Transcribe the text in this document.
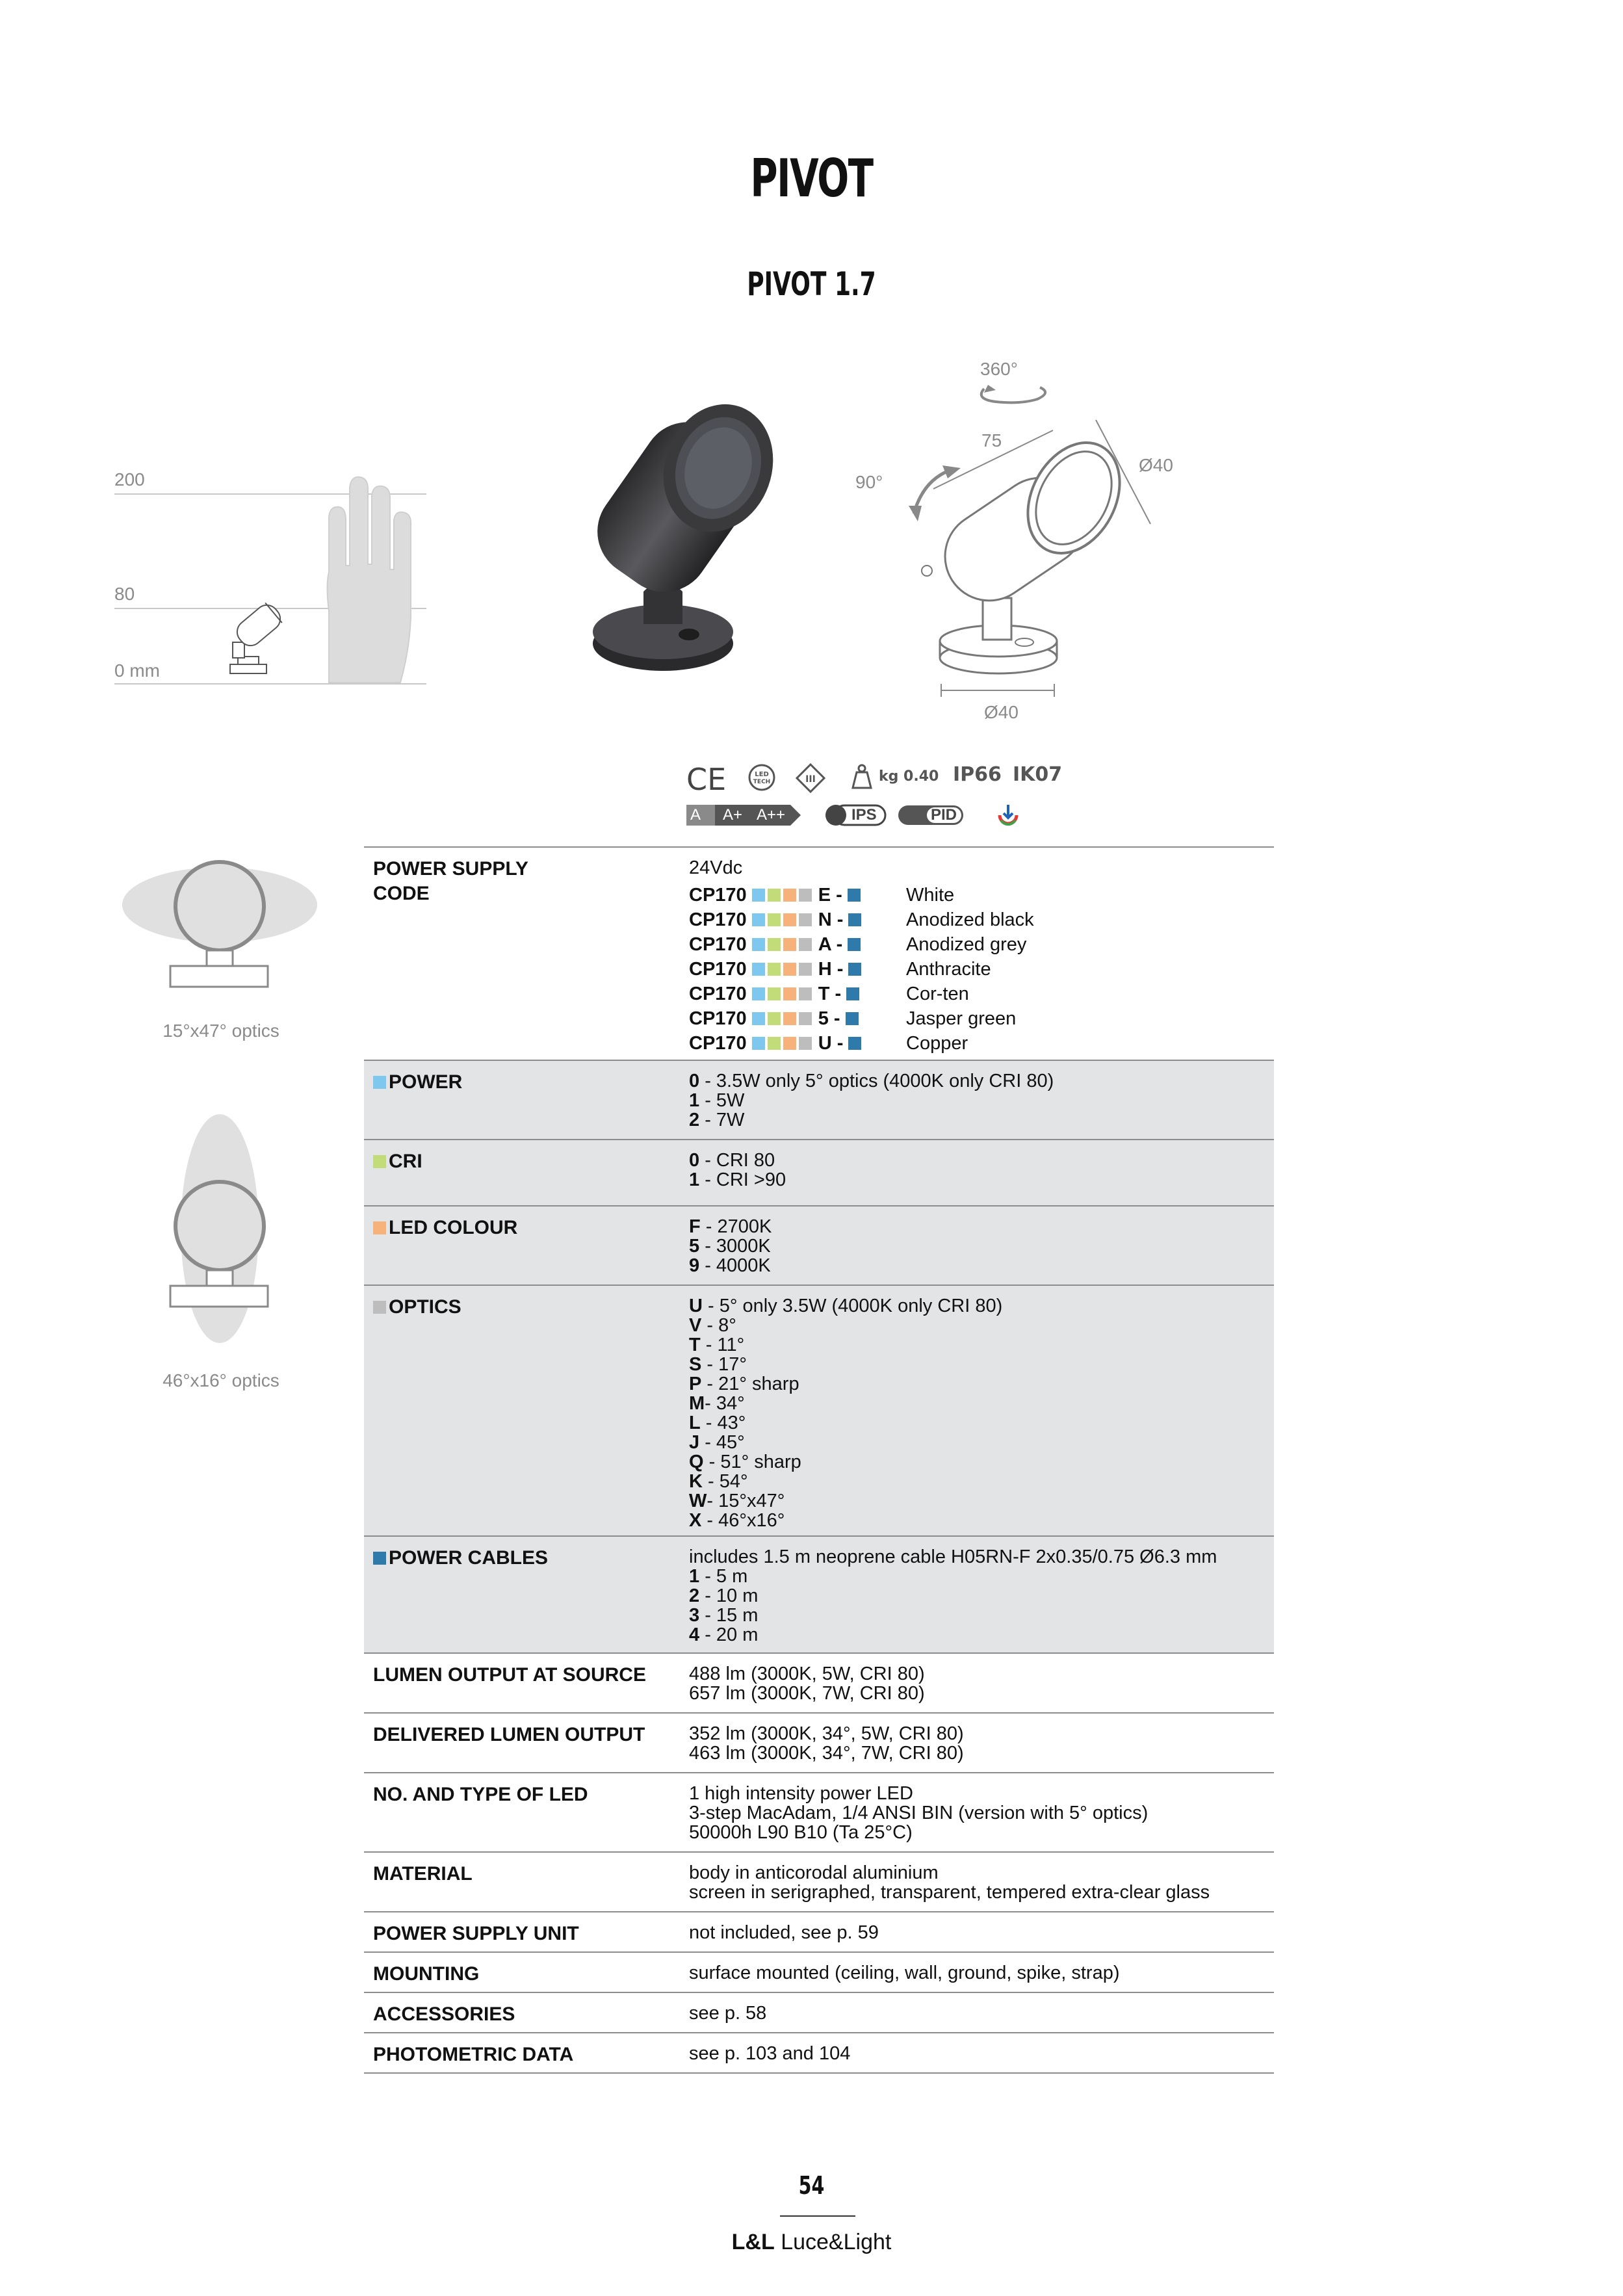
PIVOT
PIVOT 1.7
200
80
0 mm
360°
90°
75
Ø40
Ø40
CE	LED
TECH	III	kg 0.40 IP66 IK07
A A+ A++	IPS	PID
15°x47° optics
46°x16° optics
POWER SUPPLY
CODE
24Vdc
CP170	E -	White
CP170	N -	Anodized black
CP170	A -	Anodized grey
CP170	H -	Anthracite
CP170	T -	Cor-ten
CP170	5 -	Jasper green
CP170	U -	Copper
POWER	0 - 3.5W only 5° optics (4000K only CRI 80)
1 - 5W
2 - 7W
CRI	0 - CRI 80
1 - CRI >90
LED COLOUR	F - 2700K
5 - 3000K
9 - 4000K
OPTICS	U - 5° only 3.5W (4000K only CRI 80)
V - 8°
T - 11°
S - 17°
P - 21° sharp
M- 34°
L - 43°
J - 45°
Q - 51° sharp
K - 54°
W- 15°x47°
X - 46°x16°
POWER CABLES	includes 1.5 m neoprene cable H05RN-F 2x0.35/0.75 Ø6.3 mm
1 - 5 m
2 - 10 m
3 - 15 m
4 - 20 m
LUMEN OUTPUT AT SOURCE 488 lm (3000K, 5W, CRI 80)
657 lm (3000K, 7W, CRI 80)
DELIVERED LUMEN OUTPUT 352 lm (3000K, 34°, 5W, CRI 80)
463 lm (3000K, 34°, 7W, CRI 80)
NO. AND TYPE OF LED	1 high intensity power LED
3-step MacAdam, 1/4 ANSI BIN (version with 5° optics)
50000h L90 B10 (Ta 25°C)
MATERIAL	body in anticorodal aluminium
screen in serigraphed, transparent, tempered extra-clear glass
POWER SUPPLY UNIT	not included, see p. 59
MOUNTING	surface mounted (ceiling, wall, ground, spike, strap)
ACCESSORIES	see p. 58
PHOTOMETRIC DATA	see p. 103 and 104
54
L&L Luce&Light
